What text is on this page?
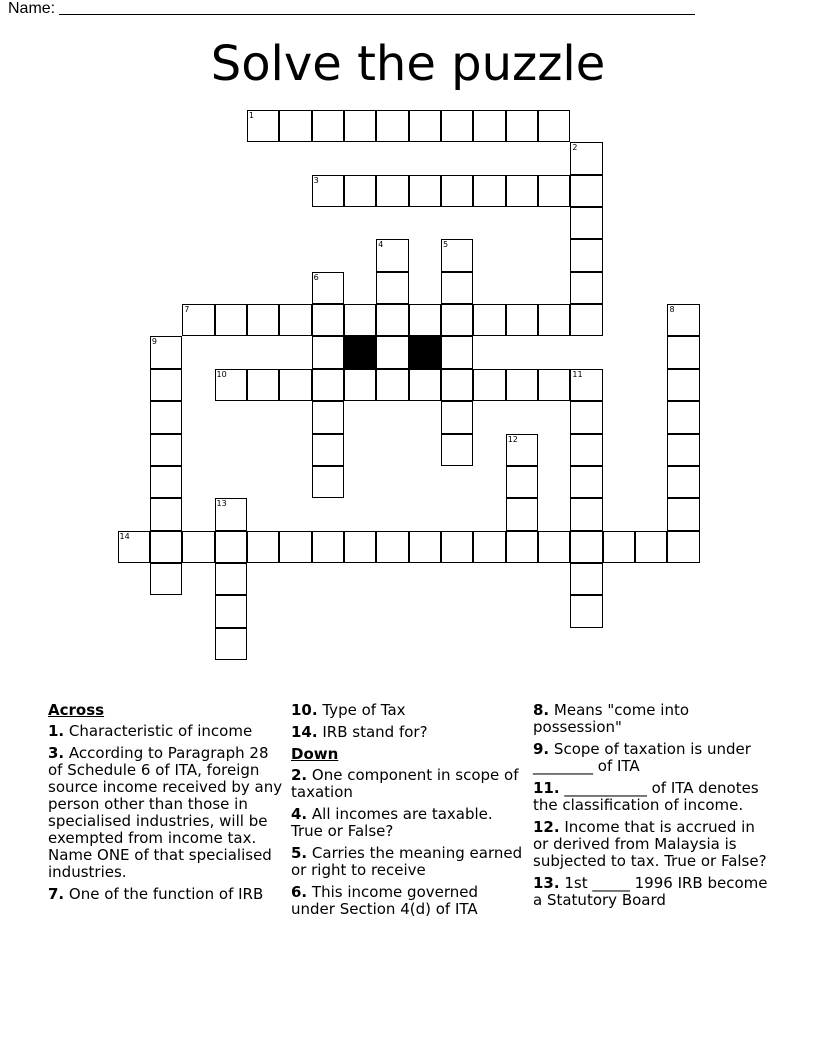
Name:
Solve the puzzle
1
3
7
10	11
14
2
4	5
6
8
9
12
13
Across
1. Characteristic of income
3. According to Paragraph 28 of Schedule 6 of ITA, foreign source income received by any person other than those in specialised industries, will be exempted from income tax. Name ONE of that specialised industries.
7. One of the function of IRB
10. Type of Tax
14. IRB stand for?
Down
2. One component in scope of taxation
4. All incomes are taxable. True or False?
5. Carries the meaning earned or right to receive
6. This income governed under Section 4(d) of ITA
8. Means "come into possession"
9. Scope of taxation is under ________ of ITA
11. ___________ of ITA denotes the classification of income.
12. Income that is accrued in or derived from Malaysia is subjected to tax. True or False?
13. 1st _____ 1996 IRB become a Statutory Board
